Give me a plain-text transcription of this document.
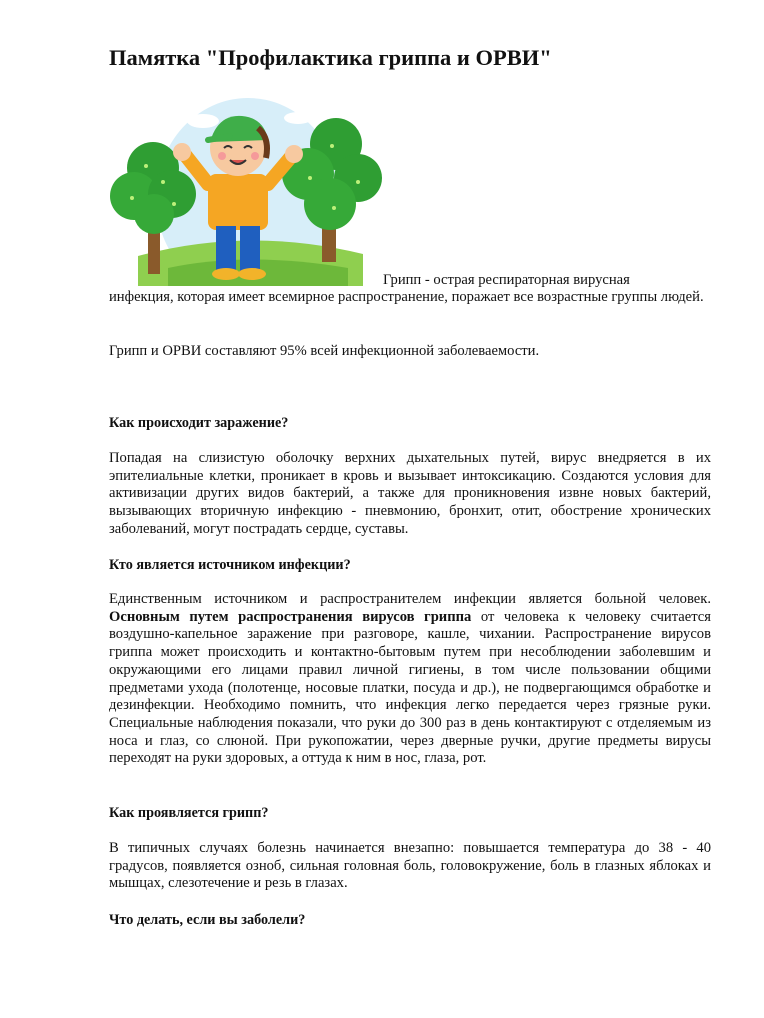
Памятка "Профилактика гриппа и ОРВИ"
Грипп - острая респираторная вирусная
инфекция, которая имеет всемирное распространение, поражает все возрастные группы людей.
Грипп и ОРВИ составляют 95% всей инфекционной заболеваемости.
Как происходит заражение?

Попадая на слизистую оболочку верхних дыхательных путей, вирус внедряется в их эпителиальные клетки, проникает в кровь и вызывает интоксикацию. Создаются условия для активизации других видов бактерий, а также для проникновения извне новых бактерий, вызывающих вторичную инфекцию - пневмонию, бронхит, отит, обострение хронических заболеваний, могут пострадать сердце, суставы.

Кто является источником инфекции?

Единственным источником и распространителем инфекции является больной человек. Основным путем распространения вирусов гриппа от человека к человеку считается воздушно-капельное заражение при разговоре, кашле, чихании. Распространение вирусов гриппа может происходить и контактно-бытовым путем при несоблюдении заболевшим и окружающими его лицами правил личной гигиены, в том числе пользовании общими предметами ухода (полотенце, носовые платки, посуда и др.), не подвергающимся обработке и дезинфекции. Необходимо помнить, что инфекция легко передается через грязные руки. Специальные наблюдения показали, что руки до 300 раз в день контактируют с отделяемым из носа и глаз, со слюной. При рукопожатии, через дверные ручки, другие предметы вирусы переходят на руки здоровых, а оттуда к ним в нос, глаза, рот.

Как проявляется грипп?

В типичных случаях болезнь начинается внезапно: повышается температура до 38 - 40 градусов, появляется озноб, сильная головная боль, головокружение, боль в глазных яблоках и мышцах, слезотечение и резь в глазах.

Что делать, если вы заболели?
